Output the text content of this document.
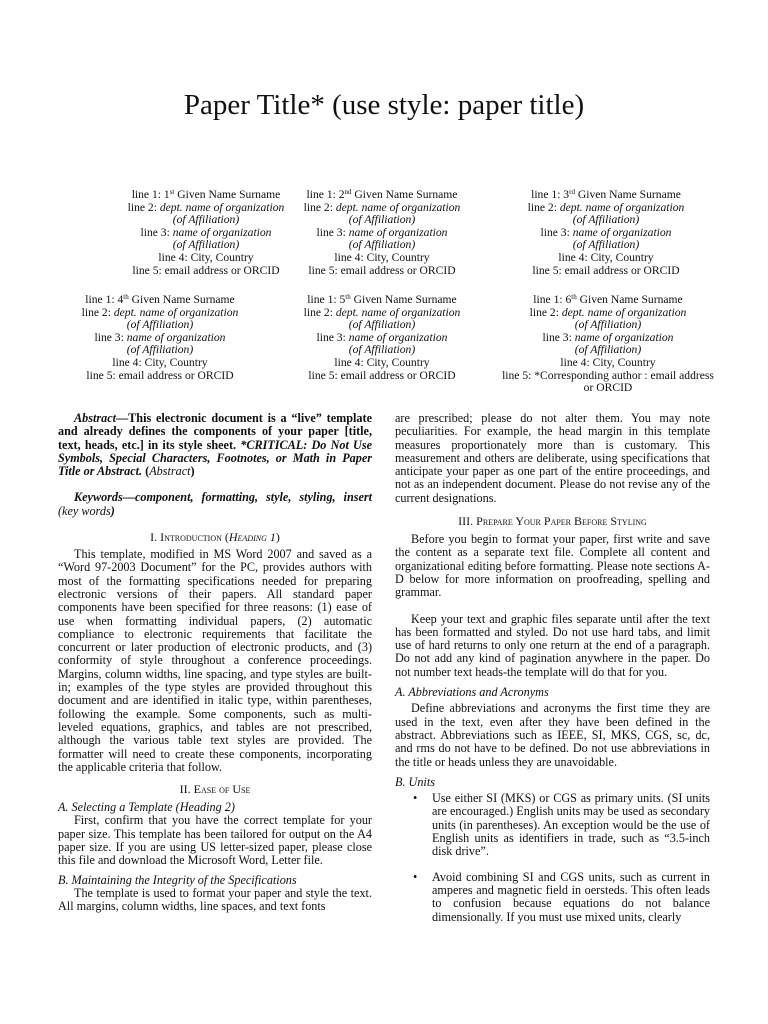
Paper Title* (use style: paper title)
line 1: 1st Given Name Surname
line 2: dept. name of organization
(of Affiliation)
line 3: name of organization
(of Affiliation)
line 4: City, Country
line 5: email address or ORCID
line 1: 2nd Given Name Surname
line 2: dept. name of organization
(of Affiliation)
line 3: name of organization
(of Affiliation)
line 4: City, Country
line 5: email address or ORCID
line 1: 3rd Given Name Surname
line 2: dept. name of organization
(of Affiliation)
line 3: name of organization
(of Affiliation)
line 4: City, Country
line 5: email address or ORCID
line 1: 4th Given Name Surname
line 2: dept. name of organization
(of Affiliation)
line 3: name of organization
(of Affiliation)
line 4: City, Country
line 5: email address or ORCID
line 1: 5th Given Name Surname
line 2: dept. name of organization
(of Affiliation)
line 3: name of organization
(of Affiliation)
line 4: City, Country
line 5: email address or ORCID
line 1: 6th Given Name Surname
line 2: dept. name of organization
(of Affiliation)
line 3: name of organization
(of Affiliation)
line 4: City, Country
line 5: *Corresponding author : email address or ORCID

Abstract—This electronic document is a “live” template and already defines the components of your paper [title, text, heads, etc.] in its style sheet. *CRITICAL: Do Not Use Symbols, Special Characters, Footnotes, or Math in Paper Title or Abstract. (Abstract)

Keywords—component, formatting, style, styling, insert (key words)

I. Introduction (Heading 1)

This template, modified in MS Word 2007 and saved as a “Word 97-2003 Document” for the PC, provides authors with most of the formatting specifications needed for preparing electronic versions of their papers. All standard paper components have been specified for three reasons: (1) ease of use when formatting individual papers, (2) automatic compliance to electronic requirements that facilitate the concurrent or later production of electronic products, and (3) conformity of style throughout a conference proceedings. Margins, column widths, line spacing, and type styles are built-in; examples of the type styles are provided throughout this document and are identified in italic type, within parentheses, following the example. Some components, such as multi-leveled equations, graphics, and tables are not prescribed, although the various table text styles are provided. The formatter will need to create these components, incorporating the applicable criteria that follow.

II. Ease of Use

A. Selecting a Template (Heading 2)

First, confirm that you have the correct template for your paper size. This template has been tailored for output on the A4 paper size. If you are using US letter-sized paper, please close this file and download the Microsoft Word, Letter file.

B. Maintaining the Integrity of the Specifications

The template is used to format your paper and style the text. All margins, column widths, line spaces, and text fonts

are prescribed; please do not alter them. You may note peculiarities. For example, the head margin in this template measures proportionately more than is customary. This measurement and others are deliberate, using specifications that anticipate your paper as one part of the entire proceedings, and not as an independent document. Please do not revise any of the current designations.

III. Prepare Your Paper Before Styling

Before you begin to format your paper, first write and save the content as a separate text file. Complete all content and organizational editing before formatting. Please note sections A-D below for more information on proofreading, spelling and grammar.

Keep your text and graphic files separate until after the text has been formatted and styled. Do not use hard tabs, and limit use of hard returns to only one return at the end of a paragraph. Do not add any kind of pagination anywhere in the paper. Do not number text heads-the template will do that for you.

A. Abbreviations and Acronyms

Define abbreviations and acronyms the first time they are used in the text, even after they have been defined in the abstract. Abbreviations such as IEEE, SI, MKS, CGS, sc, dc, and rms do not have to be defined. Do not use abbreviations in the title or heads unless they are unavoidable.

B. Units

• Use either SI (MKS) or CGS as primary units. (SI units are encouraged.) English units may be used as secondary units (in parentheses). An exception would be the use of English units as identifiers in trade, such as “3.5-inch disk drive”.
• Avoid combining SI and CGS units, such as current in amperes and magnetic field in oersteds. This often leads to confusion because equations do not balance dimensionally. If you must use mixed units, clearly
